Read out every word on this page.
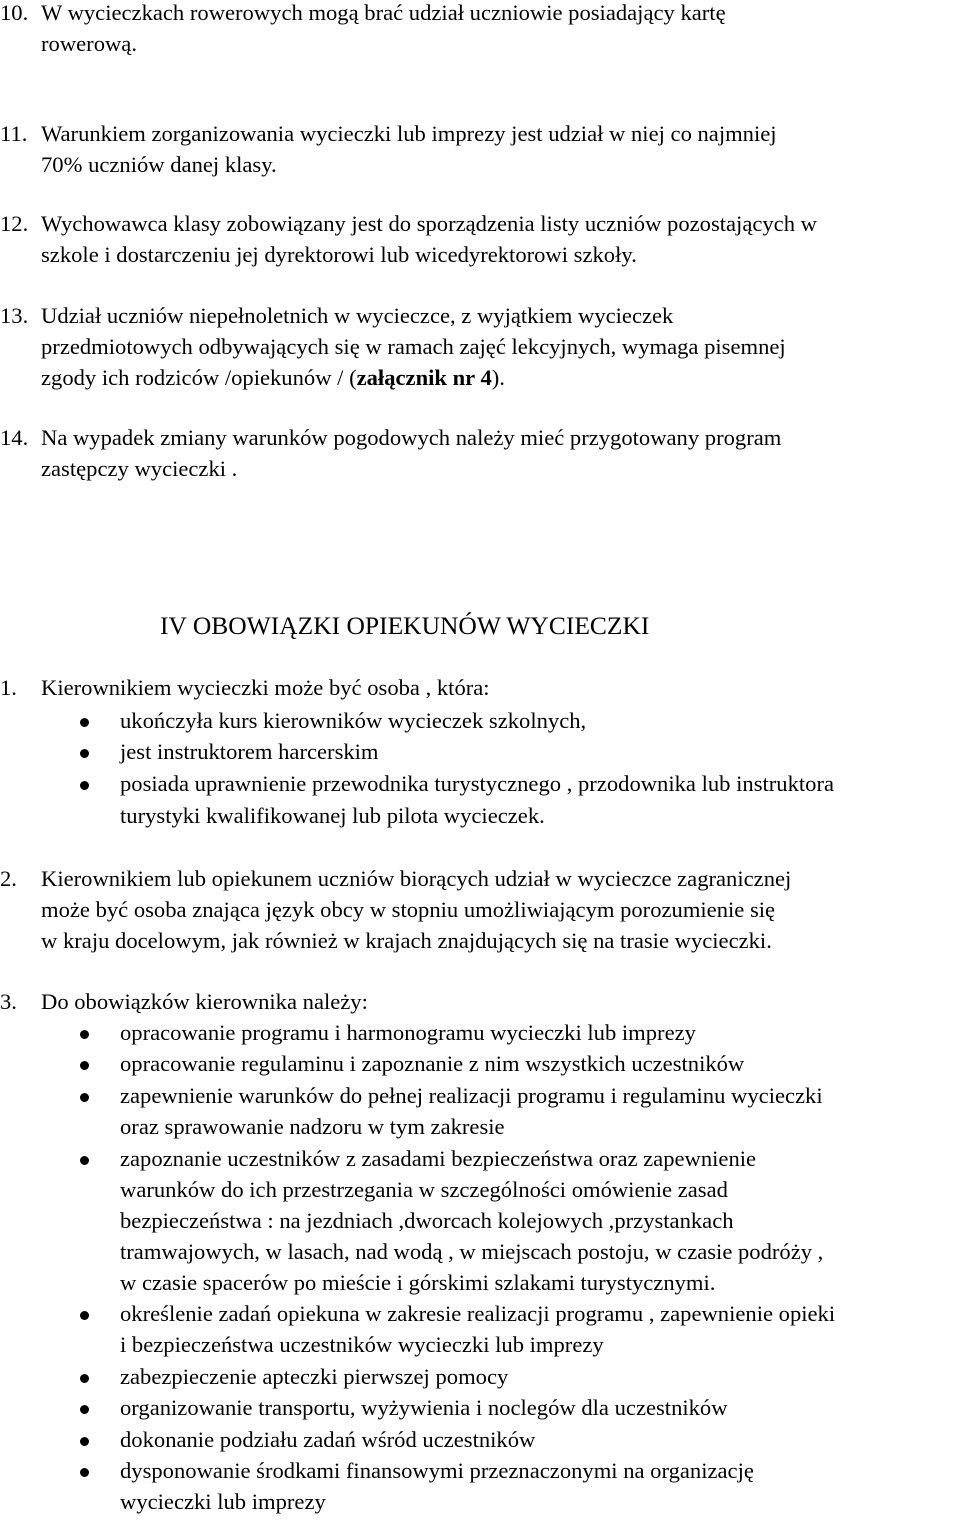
10. W wycieczkach rowerowych mogą brać udział uczniowie posiadający kartę
rowerową.
11. Warunkiem zorganizowania wycieczki lub imprezy jest udział w niej co najmniej
70% uczniów danej klasy.
12. Wychowawca klasy zobowiązany jest do sporządzenia listy uczniów pozostających w
szkole i dostarczeniu jej dyrektorowi lub wicedyrektorowi szkoły.
13. Udział uczniów niepełnoletnich w wycieczce, z wyjątkiem wycieczek
przedmiotowych odbywających się w ramach zajęć lekcyjnych, wymaga pisemnej
zgody ich rodziców /opiekunów / (załącznik nr 4).
14. Na wypadek zmiany warunków pogodowych należy mieć przygotowany program
zastępczy wycieczki .
IV OBOWIĄZKI OPIEKUNÓW WYCIECZKI
1. Kierownikiem wycieczki może być osoba , która:
ukończyła kurs kierowników wycieczek szkolnych,
jest instruktorem harcerskim
posiada uprawnienie przewodnika turystycznego , przodownika lub instruktora
turystyki kwalifikowanej lub pilota wycieczek.
2. Kierownikiem lub opiekunem uczniów biorących udział w wycieczce zagranicznej
może być osoba znająca język obcy w stopniu umożliwiającym porozumienie się
w kraju docelowym, jak również w krajach znajdujących się na trasie wycieczki.
3. Do obowiązków kierownika należy:
opracowanie programu i harmonogramu wycieczki lub imprezy
opracowanie regulaminu i zapoznanie z nim wszystkich uczestników
zapewnienie warunków do pełnej realizacji programu i regulaminu wycieczki
oraz sprawowanie nadzoru w tym zakresie
zapoznanie uczestników z zasadami bezpieczeństwa oraz zapewnienie
warunków do ich przestrzegania w szczególności omówienie zasad
bezpieczeństwa : na jezdniach ,dworcach kolejowych ,przystankach
tramwajowych, w lasach, nad wodą , w miejscach postoju, w czasie podróży ,
w czasie spacerów po mieście i górskimi szlakami turystycznymi.
określenie zadań opiekuna w zakresie realizacji programu , zapewnienie opieki
i bezpieczeństwa uczestników wycieczki lub imprezy
zabezpieczenie apteczki pierwszej pomocy
organizowanie transportu, wyżywienia i noclegów dla uczestników
dokonanie podziału zadań wśród uczestników
dysponowanie środkami finansowymi przeznaczonymi na organizację
wycieczki lub imprezy
